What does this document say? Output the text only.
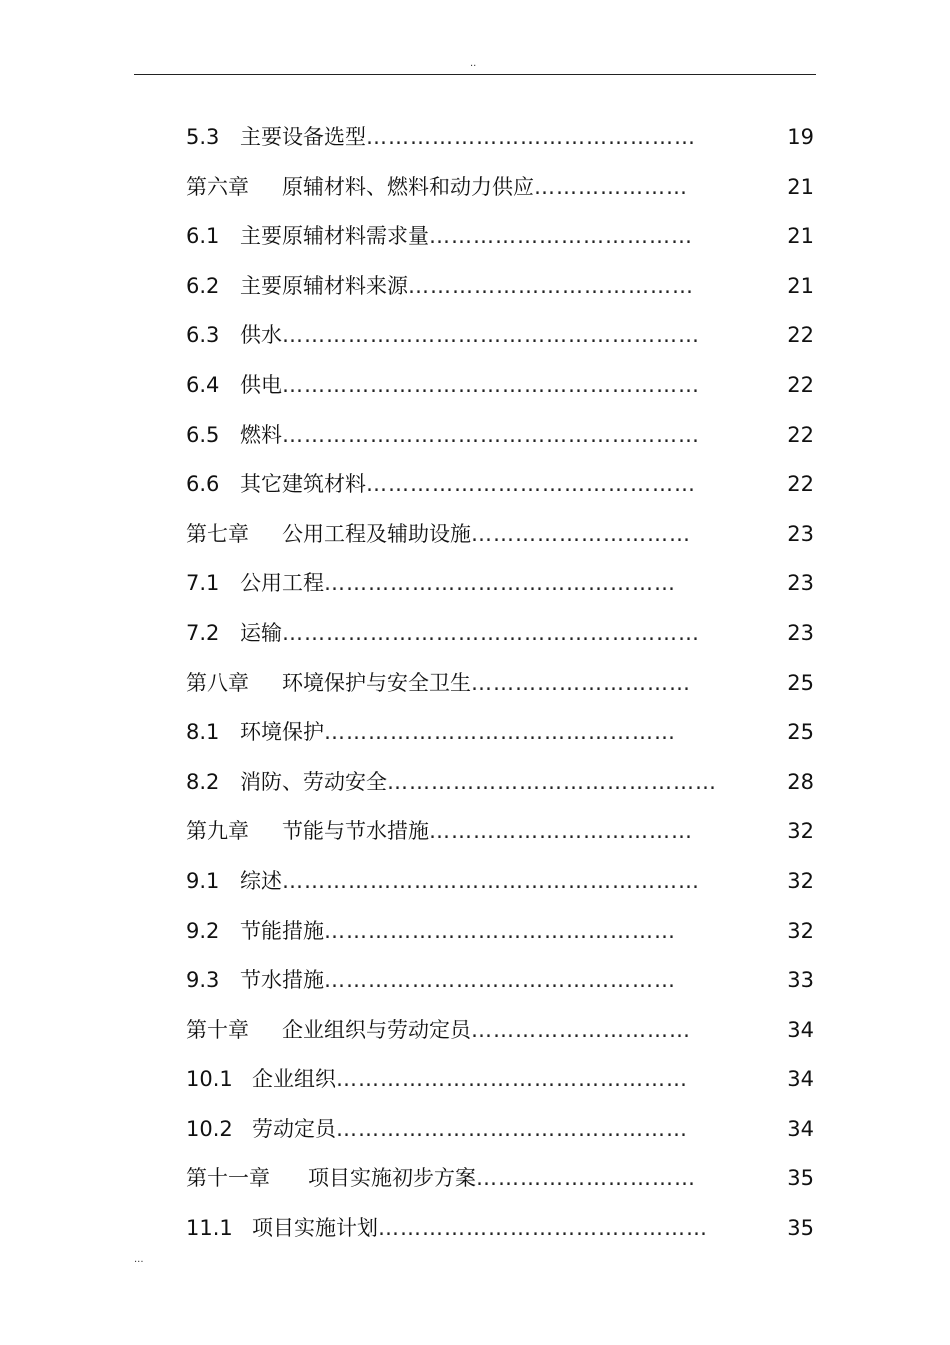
..
5.3 主要设备选型………………………………………	19
第六章 原辅材料、燃料和动力供应…………………	21
6.1 主要原辅材料需求量………………………………	21
6.2 主要原辅材料来源…………………………………	21
6.3 供水…………………………………………………	22
6.4 供电…………………………………………………	22
6.5 燃料…………………………………………………	22
6.6 其它建筑材料………………………………………	22
第七章 公用工程及辅助设施…………………………	23
7.1 公用工程…………………………………………	23
7.2 运输…………………………………………………	23
第八章 环境保护与安全卫生…………………………	25
8.1 环境保护…………………………………………	25
8.2 消防、劳动安全………………………………………	28
第九章 节能与节水措施………………………………	32
9.1 综述…………………………………………………	32
9.2 节能措施…………………………………………	32
9.3 节水措施…………………………………………	33
第十章 企业组织与劳动定员…………………………	34
10.1 企业组织…………………………………………	34
10.2 劳动定员…………………………………………	34
第十一章 项目实施初步方案…………………………	35
11.1 项目实施计划………………………………………	35
...
